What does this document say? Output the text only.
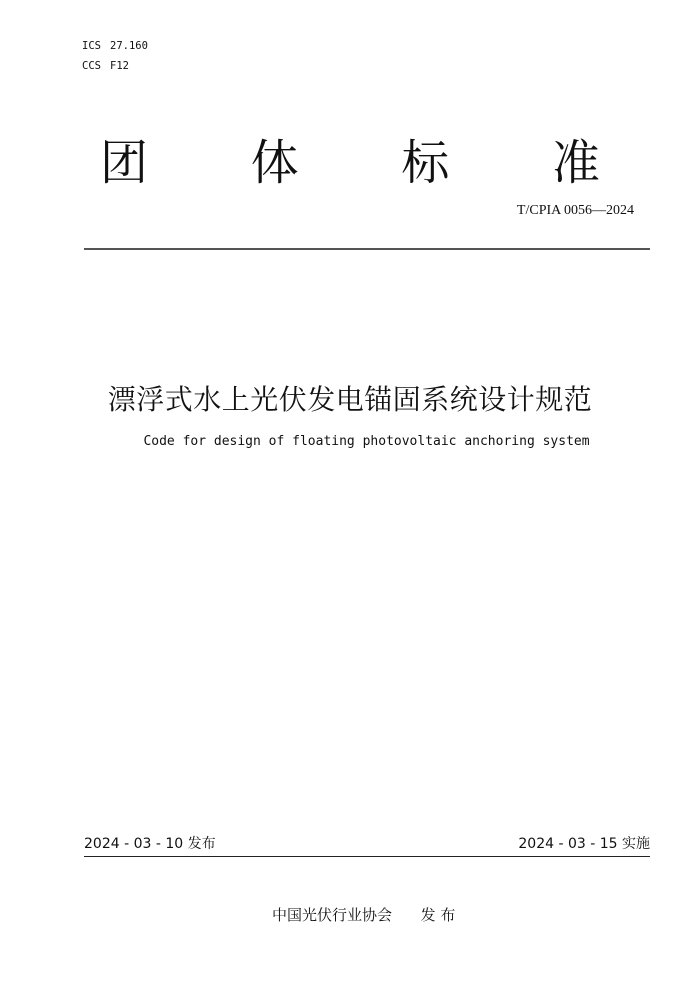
ICS 27.160
CCS F12
团 体 标 准
T/CPIA 0056—2024
漂浮式水上光伏发电锚固系统设计规范
Code for design of floating photovoltaic anchoring system
2024 - 03 - 10 发布	2024 - 03 - 15 实施
中国光伏行业协会      发 布
